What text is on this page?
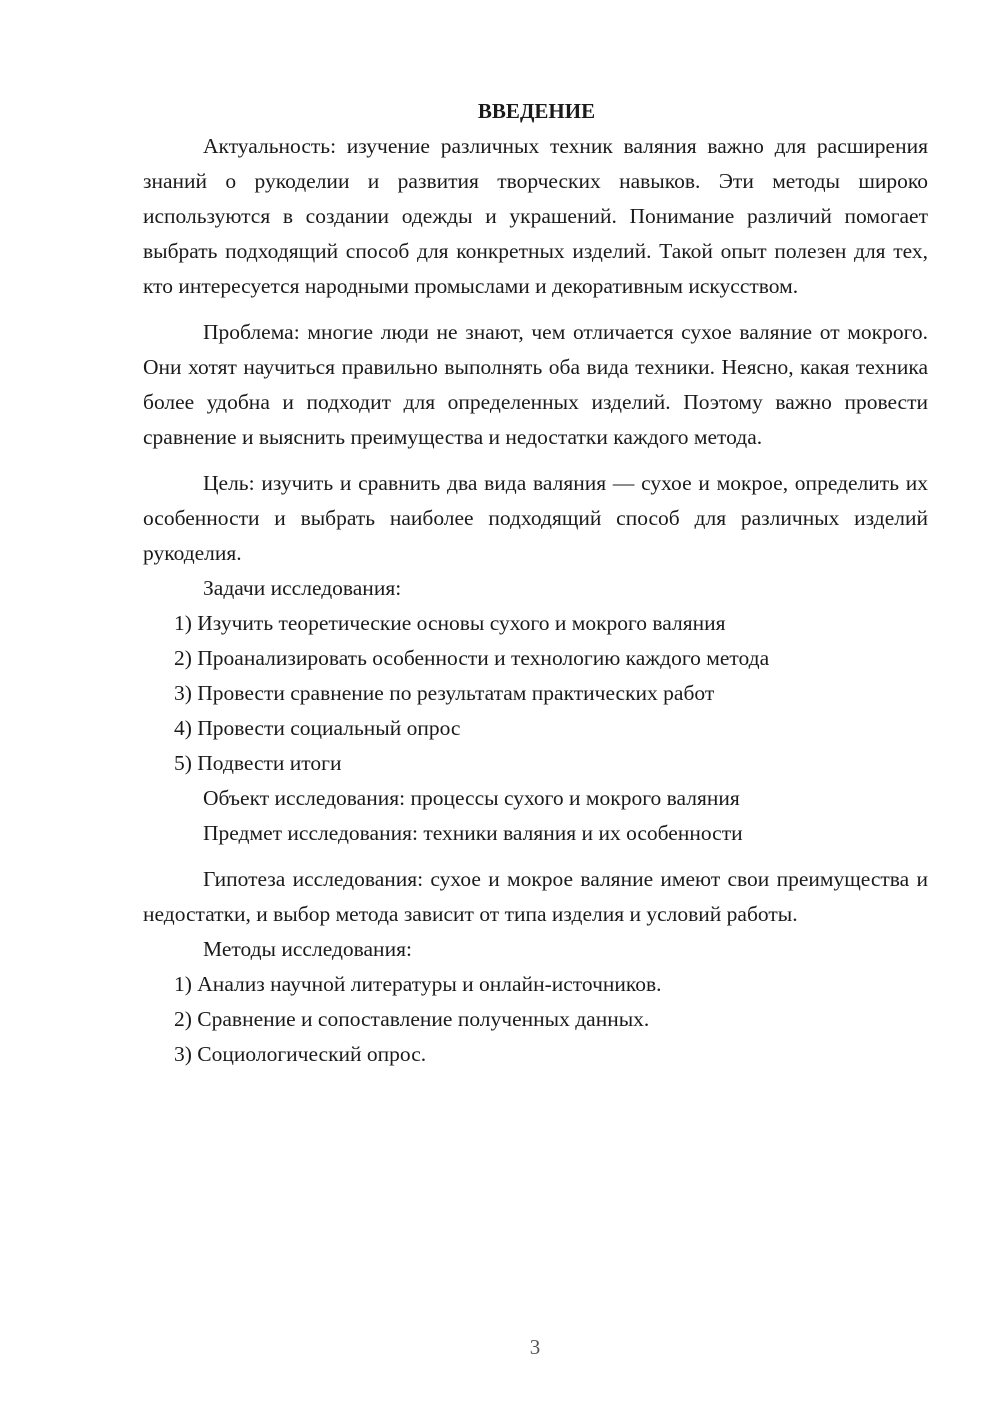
ВВЕДЕНИЕ

Актуальность: изучение различных техник валяния важно для расширения знаний о рукоделии и развития творческих навыков. Эти методы широко используются в создании одежды и украшений. Понимание различий помогает выбрать подходящий способ для конкретных изделий. Такой опыт полезен для тех, кто интересуется народными промыслами и декоративным искусством.

Проблема: многие люди не знают, чем отличается сухое валяние от мокрого. Они хотят научиться правильно выполнять оба вида техники. Неясно, какая техника более удобна и подходит для определенных изделий. Поэтому важно провести сравнение и выяснить преимущества и недостатки каждого метода.

Цель: изучить и сравнить два вида валяния — сухое и мокрое, определить их особенности и выбрать наиболее подходящий способ для различных изделий рукоделия.

Задачи исследования:

1) Изучить теоретические основы сухого и мокрого валяния

2) Проанализировать особенности и технологию каждого метода

3) Провести сравнение по результатам практических работ

4) Провести социальный опрос

5) Подвести итоги

Объект исследования: процессы сухого и мокрого валяния

Предмет исследования: техники валяния и их особенности

Гипотеза исследования: сухое и мокрое валяние имеют свои преимущества и недостатки, и выбор метода зависит от типа изделия и условий работы.

Методы исследования:

1) Анализ научной литературы и онлайн-источников.

2) Сравнение и сопоставление полученных данных.

3) Социологический опрос.

3
